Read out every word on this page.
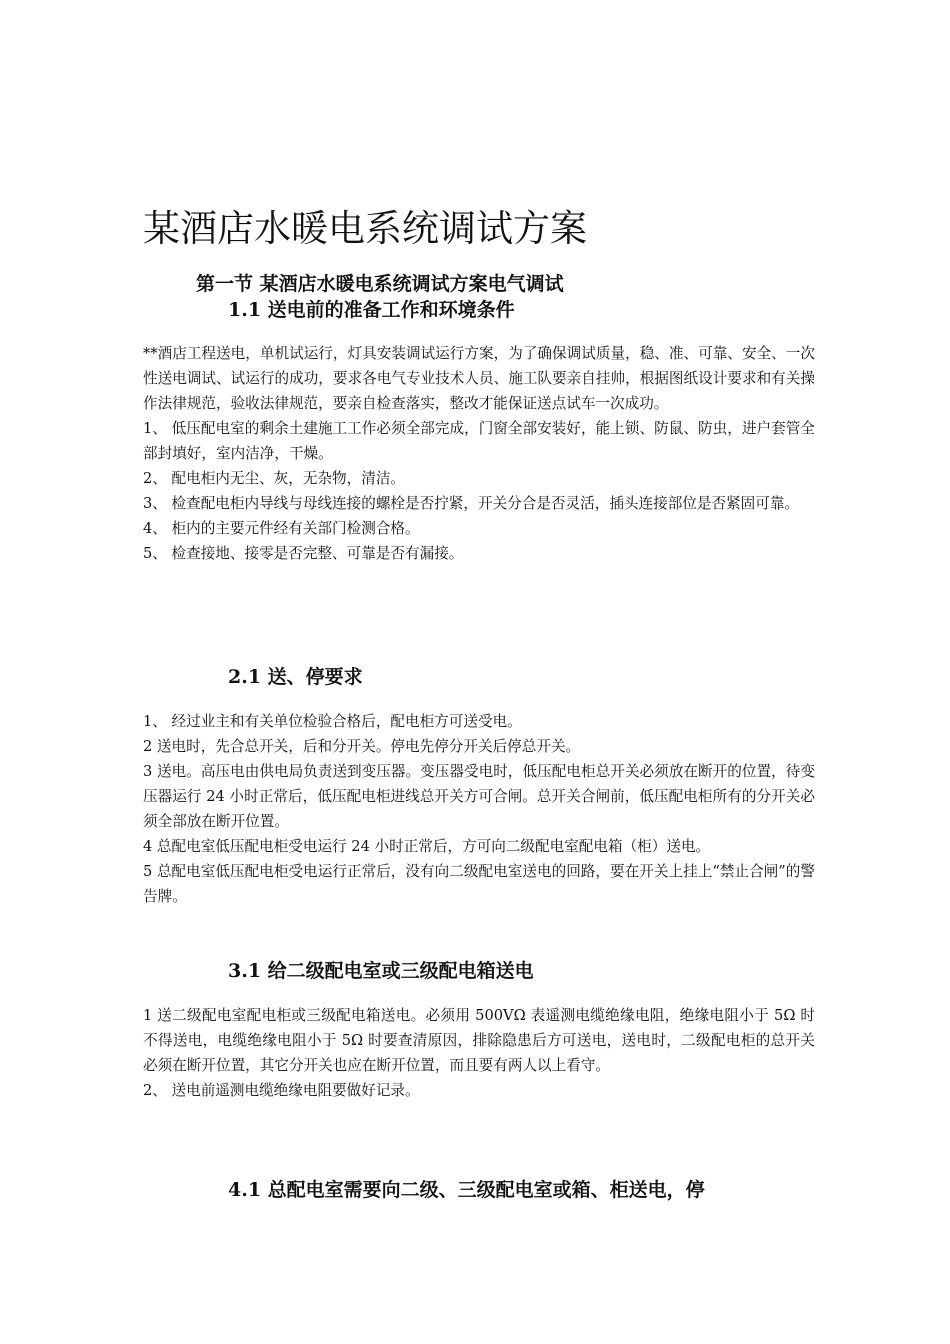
某酒店水暖电系统调试方案
第一节 某酒店水暖电系统调试方案电气调试
1.1 送电前的准备工作和环境条件

**酒店工程送电，单机试运行，灯具安装调试运行方案，为了确保调试质量，稳、准、可靠、安全、一次性送电调试、试运行的成功，要求各电气专业技术人员、施工队要亲自挂帅，根据图纸设计要求和有关操作法律规范，验收法律规范，要亲自检查落实，整改才能保证送点试车一次成功。

1、 低压配电室的剩余土建施工工作必须全部完成，门窗全部安装好，能上锁、防鼠、防虫，进户套管全部封填好，室内洁净，干燥。

2、 配电柜内无尘、灰，无杂物，清洁。

3、 检查配电柜内导线与母线连接的螺栓是否拧紧，开关分合是否灵活，插头连接部位是否紧固可靠。

4、 柜内的主要元件经有关部门检测合格。

5、 检查接地、接零是否完整、可靠是否有漏接。

2.1 送、停要求

1、 经过业主和有关单位检验合格后，配电柜方可送受电。

2 送电时，先合总开关，后和分开关。停电先停分开关后停总开关。

3 送电。高压电由供电局负责送到变压器。变压器受电时，低压配电柜总开关必须放在断开的位置，待变压器运行 24 小时正常后，低压配电柜进线总开关方可合闸。总开关合闸前，低压配电柜所有的分开关必须全部放在断开位置。

4 总配电室低压配电柜受电运行 24 小时正常后，方可向二级配电室配电箱（柜）送电。

5 总配电室低压配电柜受电运行正常后，没有向二级配电室送电的回路，要在开关上挂上“禁止合闸”的警告牌。

3.1 给二级配电室或三级配电箱送电

1 送二级配电室配电柜或三级配电箱送电。必须用 500VΩ 表遥测电缆绝缘电阻，绝缘电阻小于 5Ω 时不得送电，电缆绝缘电阻小于 5Ω 时要查清原因，排除隐患后方可送电，送电时，二级配电柜的总开关必须在断开位置，其它分开关也应在断开位置，而且要有两人以上看守。

2、 送电前遥测电缆绝缘电阻要做好记录。

4.1 总配电室需要向二级、三级配电室或箱、柜送电，停
